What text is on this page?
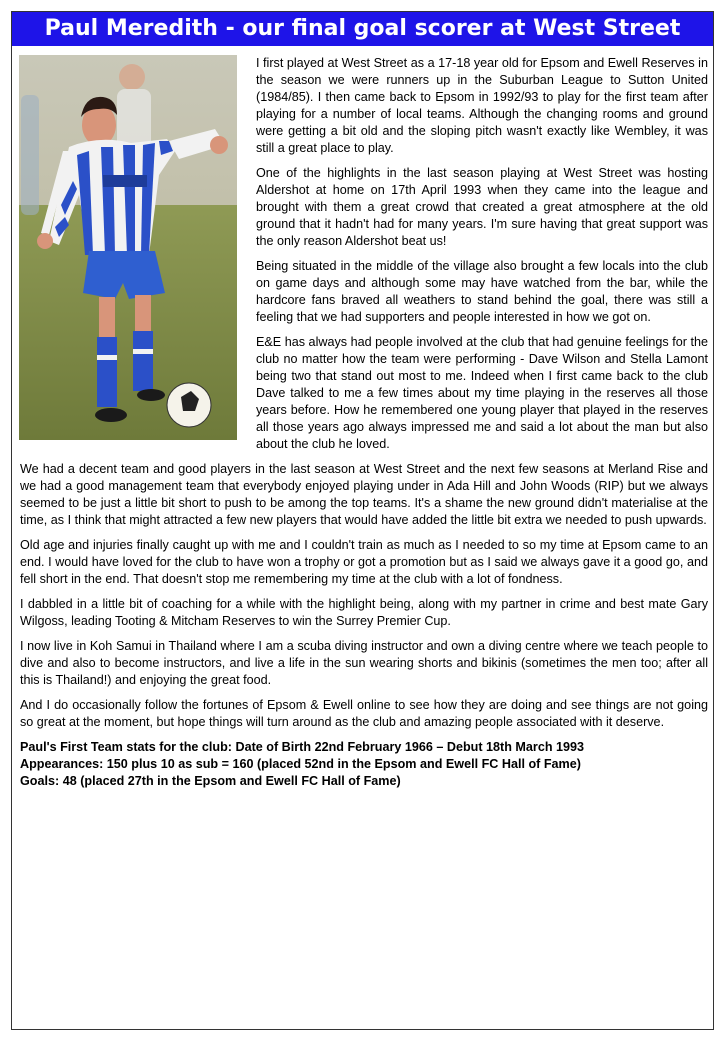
Paul Meredith - our final goal scorer at West Street

I first played at West Street as a 17-18 year old for Epsom and Ewell Reserves in the season we were runners up in the Suburban League to Sutton United (1984/85). I then came back to Epsom in 1992/93 to play for the first team after playing for a number of local teams. Although the changing rooms and ground were getting a bit old and the sloping pitch wasn't exactly like Wembley, it was still a great place to play.

One of the highlights in the last season playing at West Street was hosting Aldershot at home on 17th April 1993 when they came into the league and brought with them a great crowd that created a great atmosphere at the old ground that it hadn't had for many years. I'm sure having that great support was the only reason Aldershot beat us!

Being situated in the middle of the village also brought a few locals into the club on game days and although some may have watched from the bar, while the hardcore fans braved all weathers to stand behind the goal, there was still a feeling that we had supporters and people interested in how we got on.

E&E has always had people involved at the club that had genuine feelings for the club no matter how the team were performing - Dave Wilson and Stella Lamont being two that stand out most to me. Indeed when I first came back to the club Dave talked to me a few times about my time playing in the reserves all those years before. How he remembered one young player that played in the reserves all those years ago always impressed me and said a lot about the man but also about the club he loved.

We had a decent team and good players in the last season at West Street and the next few seasons at Merland Rise and we had a good management team that everybody enjoyed playing under in Ada Hill and John Woods (RIP) but we always seemed to be just a little bit short to push to be among the top teams. It's a shame the new ground didn't materialise at the time, as I think that might attracted a few new players that would have added the little bit extra we needed to push upwards.

Old age and injuries finally caught up with me and I couldn't train as much as I needed to so my time at Epsom came to an end. I would have loved for the club to have won a trophy or got a promotion but as I said we always gave it a good go, and fell short in the end. That doesn't stop me remembering my time at the club with a lot of fondness.

I dabbled in a little bit of coaching for a while with the highlight being, along with my partner in crime and best mate Gary Wilgoss, leading Tooting & Mitcham Reserves to win the Surrey Premier Cup.

I now live in Koh Samui in Thailand where I am a scuba diving instructor and own a diving centre where we teach people to dive and also to become instructors, and live a life in the sun wearing shorts and bikinis (sometimes the men too; after all this is Thailand!) and enjoying the great food.

And I do occasionally follow the fortunes of Epsom & Ewell online to see how they are doing and see things are not going so great at the moment, but hope things will turn around as the club and amazing people associated with it deserve.

Paul's First Team stats for the club: Date of Birth 22nd February 1966 – Debut 18th March 1993
Appearances: 150 plus 10 as sub = 160 (placed 52nd in the Epsom and Ewell FC Hall of Fame)
Goals: 48 (placed 27th in the Epsom and Ewell FC Hall of Fame)
